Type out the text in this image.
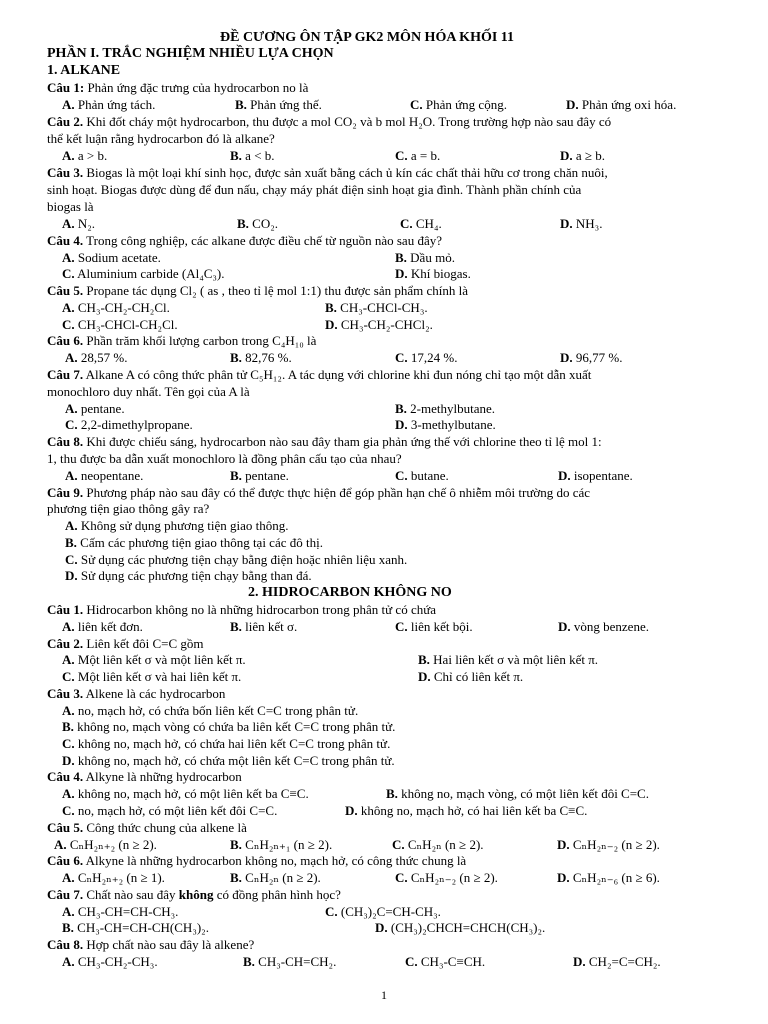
ĐỀ CƯƠNG ÔN TẬP GK2 MÔN HÓA KHỐI 11
PHẦN I. TRẮC NGHIỆM NHIỀU LỰA CHỌN
1. ALKANE
Câu 1: Phản ứng đặc trưng của hydrocarbon no là
A. Phản ứng tách.	B. Phản ứng thế.	C. Phản ứng cộng.	D. Phản ứng oxi hóa.
Câu 2. Khi đốt cháy một hydrocarbon, thu được a mol CO₂ và b mol H₂O. Trong trường hợp nào sau đây có
thể kết luận rằng hydrocarbon đó là alkane?
A. a > b.	B. a < b.	C. a = b.	D. a ≥ b.
Câu 3. Biogas là một loại khí sinh học, được sản xuất bằng cách ủ kín các chất thải hữu cơ trong chăn nuôi,
sinh hoạt. Biogas được dùng để đun nấu, chạy máy phát điện sinh hoạt gia đình. Thành phần chính của
biogas là
A. N₂.	B. CO₂.	C. CH₄.	D. NH₃.
Câu 4. Trong công nghiệp, các alkane được điều chế từ nguồn nào sau đây?
A. Sodium acetate.	B. Dầu mỏ.
C. Aluminium carbide (Al₄C₃).	D. Khí biogas.
Câu 5. Propane tác dụng Cl₂ ( as , theo tỉ lệ mol 1:1) thu được sản phẩm chính là
A. CH₃-CH₂-CH₂Cl.	B. CH₃-CHCl-CH₃.
C. CH₃-CHCl-CH₂Cl.	D. CH₃-CH₂-CHCl₂.
Câu 6. Phần trăm khối lượng carbon trong C₄H₁₀ là
A. 28,57 %.	B. 82,76 %.	C. 17,24 %.	D. 96,77 %.
Câu 7. Alkane A có công thức phân tử C₅H₁₂. A tác dụng với chlorine khi đun nóng chỉ tạo một dẫn xuất
monochloro duy nhất. Tên gọi của A là
A. pentane.	B. 2-methylbutane.
C. 2,2-dimethylpropane.	D. 3-methylbutane.
Câu 8. Khi được chiếu sáng, hydrocarbon nào sau đây tham gia phản ứng thế với chlorine theo tỉ lệ mol 1:
1, thu được ba dẫn xuất monochloro là đồng phân cấu tạo của nhau?
A. neopentane.	B. pentane.	C. butane.	D. isopentane.
Câu 9. Phương pháp nào sau đây có thể được thực hiện để góp phần hạn chế ô nhiễm môi trường do các
phương tiện giao thông gây ra?
A. Không sử dụng phương tiện giao thông.
B. Cấm các phương tiện giao thông tại các đô thị.
C. Sử dụng các phương tiện chạy bằng điện hoặc nhiên liệu xanh.
D. Sử dụng các phương tiện chạy bằng than đá.
2. HIDROCARBON KHÔNG NO
Câu 1. Hidrocarbon không no là những hidrocarbon trong phân tử có chứa
A. liên kết đơn.	B. liên kết σ.	C. liên kết bội.	D. vòng benzene.
Câu 2. Liên kết đôi C=C gồm
A. Một liên kết σ và một liên kết π.	B. Hai liên kết σ và một liên kết π.
C. Một liên kết σ và hai liên kết π.	D. Chỉ có liên kết π.
Câu 3. Alkene là các hydrocarbon
A. no, mạch hở, có chứa bốn liên kết C=C trong phân tử.
B. không no, mạch vòng có chứa ba liên kết C=C trong phân tử.
C. không no, mạch hở, có chứa hai liên kết C=C trong phân tử.
D. không no, mạch hở, có chứa một liên kết C=C trong phân tử.
Câu 4. Alkyne là những hydrocarbon
A. không no, mạch hở, có một liên kết ba C≡C.	B. không no, mạch vòng, có một liên kết đôi C=C.
C. no, mạch hở, có một liên kết đôi C=C.	D. không no, mạch hở, có hai liên kết ba C≡C.
Câu 5. Công thức chung của alkene là
A. CₙH₂ₙ₊₂ (n ≥ 2).	B. CₙH₂ₙ₊₁ (n ≥ 2).	C. CₙH₂ₙ (n ≥ 2).	D. CₙH₂ₙ₋₂ (n ≥ 2).
Câu 6. Alkyne là những hydrocarbon không no, mạch hở, có công thức chung là
A. CₙH₂ₙ₊₂ (n ≥ 1).	B. CₙH₂ₙ (n ≥ 2).	C. CₙH₂ₙ₋₂ (n ≥ 2).	D. CₙH₂ₙ₋₆ (n ≥ 6).
Câu 7. Chất nào sau đây không có đồng phân hình học?
A. CH₃-CH=CH-CH₃.	C. (CH₃)₂C=CH-CH₃.
B. CH₃-CH=CH-CH(CH₃)₂.	D. (CH₃)₂CHCH=CHCH(CH₃)₂.
Câu 8. Hợp chất nào sau đây là alkene?
A. CH₃-CH₂-CH₃.	B. CH₃-CH=CH₂.	C. CH₃-C≡CH.	D. CH₂=C=CH₂.
1
